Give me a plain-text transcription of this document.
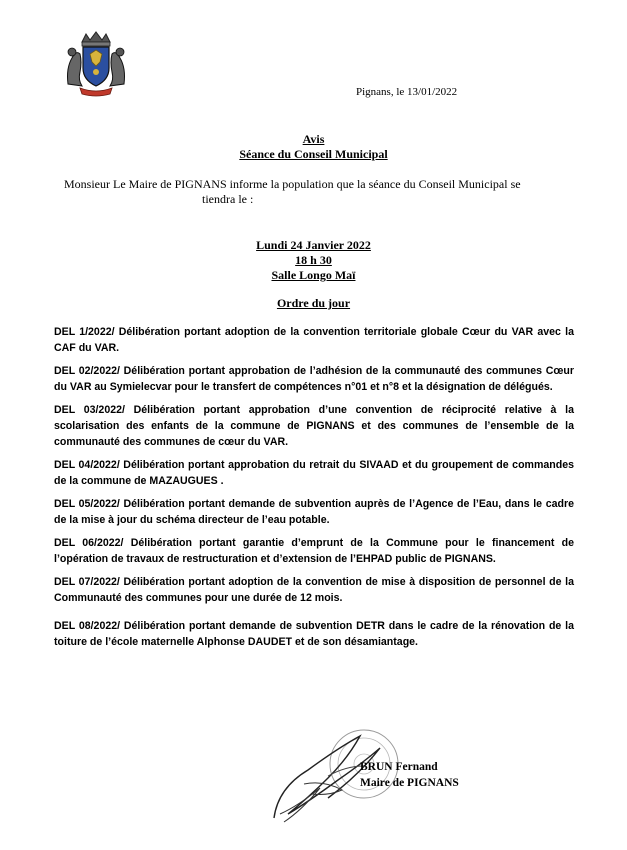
Pignans, le 13/01/2022
Avis
Séance du Conseil Municipal
Monsieur Le Maire de PIGNANS informe la population que la séance du Conseil Municipal se
tiendra le :
Lundi 24 Janvier 2022
18 h 30
Salle Longo Maï
Ordre du jour

DEL 1/2022/ Délibération portant adoption de la convention territoriale globale Cœur du VAR avec la CAF du VAR.

DEL 02/2022/ Délibération portant approbation de l’adhésion de la communauté des communes Cœur du VAR au Symielecvar pour le transfert de compétences n°01 et n°8 et la désignation de délégués.

DEL 03/2022/ Délibération portant approbation d’une convention de réciprocité relative à la scolarisation des enfants de la commune de PIGNANS et des communes de l’ensemble de la communauté des communes de cœur du VAR.

DEL 04/2022/ Délibération portant approbation du retrait du SIVAAD et du groupement de commandes de la commune de MAZAUGUES .

DEL 05/2022/ Délibération portant demande de subvention auprès de l’Agence de l’Eau, dans le cadre de la mise à jour du schéma directeur de l’eau potable.

DEL 06/2022/ Délibération portant garantie d’emprunt de la Commune pour le financement de l’opération de travaux de restructuration et d’extension de l’EHPAD public de PIGNANS.

DEL 07/2022/ Délibération portant adoption de la convention de mise à disposition de personnel de la Communauté des communes pour une durée de 12 mois.

DEL 08/2022/ Délibération portant demande de subvention DETR dans le cadre de la rénovation de la toiture de l’école maternelle Alphonse DAUDET et de son désamiantage.

BRUN Fernand
Maire de PIGNANS
